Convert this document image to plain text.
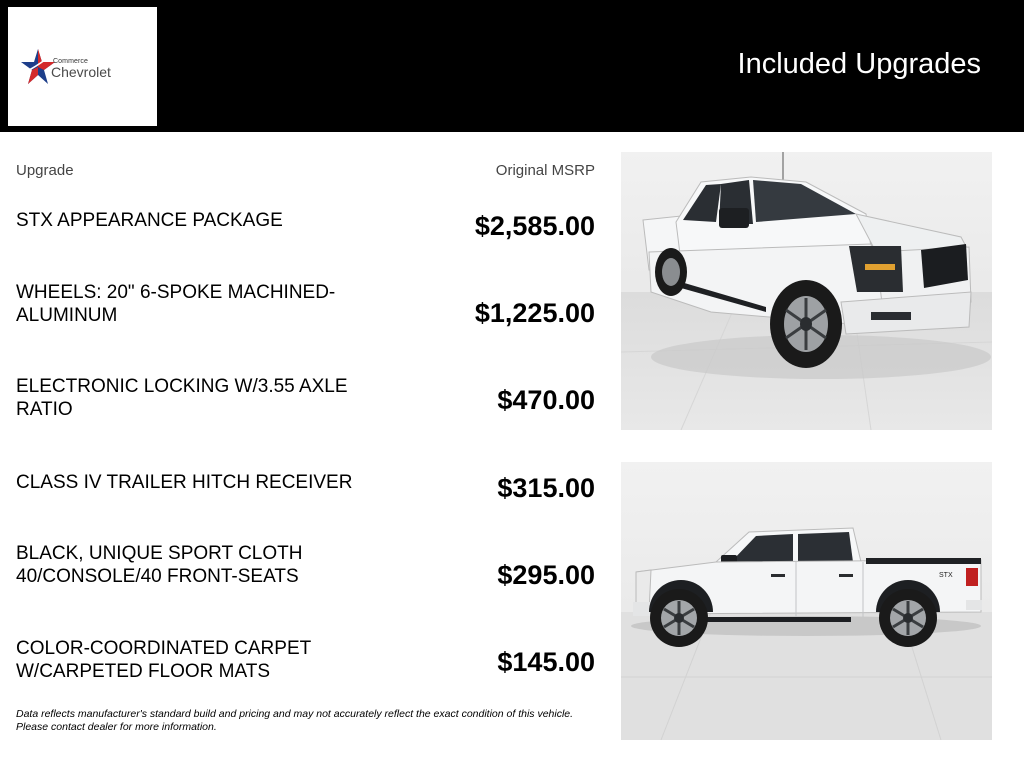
Commerce
Chevrolet	Included Upgrades
Upgrade	Original MSRP
STX APPEARANCE PACKAGE	$2,585.00
WHEELS: 20" 6-SPOKE MACHINED-ALUMINUM	$1,225.00
ELECTRONIC LOCKING W/3.55 AXLE RATIO	$470.00
CLASS IV TRAILER HITCH RECEIVER	$315.00
BLACK, UNIQUE SPORT CLOTH 40/CONSOLE/40 FRONT-SEATS	$295.00
COLOR-COORDINATED CARPET W/CARPETED FLOOR MATS	$145.00
Data reflects manufacturer's standard build and pricing and may not accurately reflect the exact condition of this vehicle.
Please contact dealer for more information.
STX
